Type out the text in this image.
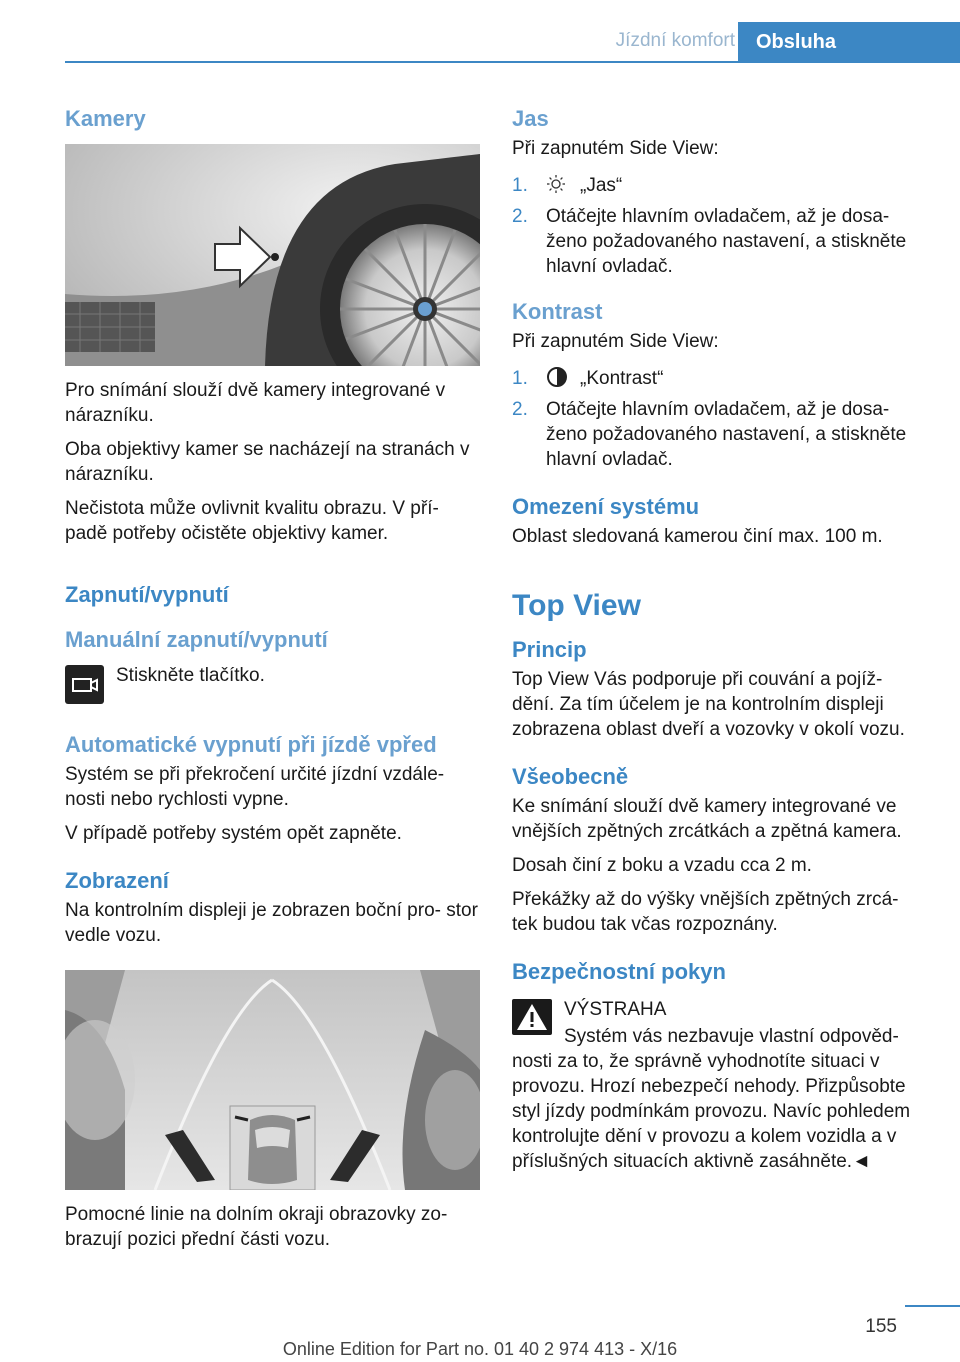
Jízdní komfort	Obsluha
Kamery

Pro snímání slouží dvě kamery integrované v nárazníku.

Oba objektivy kamer se nacházejí na stranách v nárazníku.

Nečistota může ovlivnit kvalitu obrazu. V pří‐ padě potřeby očistěte objektivy kamer.

Zapnutí/vypnutí
Manuální zapnutí/vypnutí

Stiskněte tlačítko.

Automatické vypnutí při jízdě vpřed

Systém se při překročení určité jízdní vzdále‐ nosti nebo rychlosti vypne.

V případě potřeby systém opět zapněte.

Zobrazení

Na kontrolním displeji je zobrazen boční pro‐ stor vedle vozu.

Pomocné linie na dolním okraji obrazovky zo‐ brazují pozici přední části vozu.

Jas

Při zapnutém Side View:

1.	„Jas“
2. Otáčejte hlavním ovladačem, až je dosa‐ ženo požadovaného nastavení, a stiskněte hlavní ovladač.
Kontrast

Při zapnutém Side View:

1.	„Kontrast“
2. Otáčejte hlavním ovladačem, až je dosa‐ ženo požadovaného nastavení, a stiskněte hlavní ovladač.
Omezení systému

Oblast sledovaná kamerou činí max. 100 m.

Top View
Princip

Top View Vás podporuje při couvání a pojíž‐ dění. Za tím účelem je na kontrolním displeji zobrazena oblast dveří a vozovky v okolí vozu.

Všeobecně

Ke snímání slouží dvě kamery integrované ve vnějších zpětných zrcátkách a zpětná kamera.

Dosah činí z boku a vzadu cca 2 m.

Překážky až do výšky vnějších zpětných zrcá‐ tek budou tak včas rozpoznány.

Bezpečnostní pokyn

VÝSTRAHA

Systém vás nezbavuje vlastní odpověd‐ nosti za to, že správně vyhodnotíte situaci v provozu. Hrozí nebezpečí nehody. Přizpůsobte styl jízdy podmínkám provozu. Navíc pohledem kontrolujte dění v provozu a kolem vozidla a v příslušných situacích aktivně zasáhněte.◄

155
Online Edition for Part no. 01 40 2 974 413 - X/16
